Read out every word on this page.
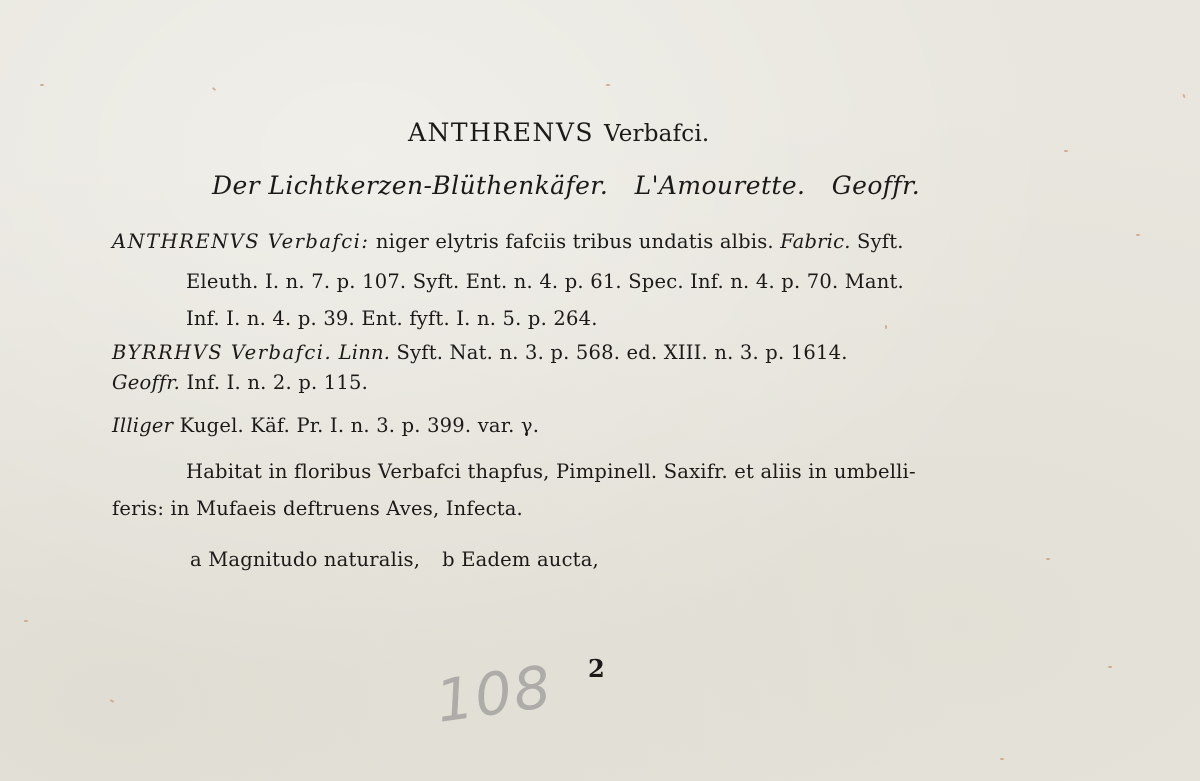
ANTHRENVS Verbafci.
Der Lichtkerzen-Blüthenkäfer. L'Amourette. Geoffr.
ANTHRENVS Verbafci: niger elytris fafciis tribus undatis albis. Fabric. Syft.
Eleuth. I. n. 7. p. 107. Syft. Ent. n. 4. p. 61. Spec. Inf. n. 4. p. 70. Mant.
Inf. I. n. 4. p. 39. Ent. fyft. I. n. 5. p. 264.
BYRRHVS Verbafci. Linn. Syft. Nat. n. 3. p. 568. ed. XIII. n. 3. p. 1614.
Geoffr. Inf. I. n. 2. p. 115.
Illiger Kugel. Käf. Pr. I. n. 3. p. 399. var. γ.
Habitat in floribus Verbafci thapfus, Pimpinell. Saxifr. et aliis in umbelli-
feris: in Mufaeis deftruens Aves, Infecta.
a Magnitudo naturalis, b Eadem aucta,
2
108
